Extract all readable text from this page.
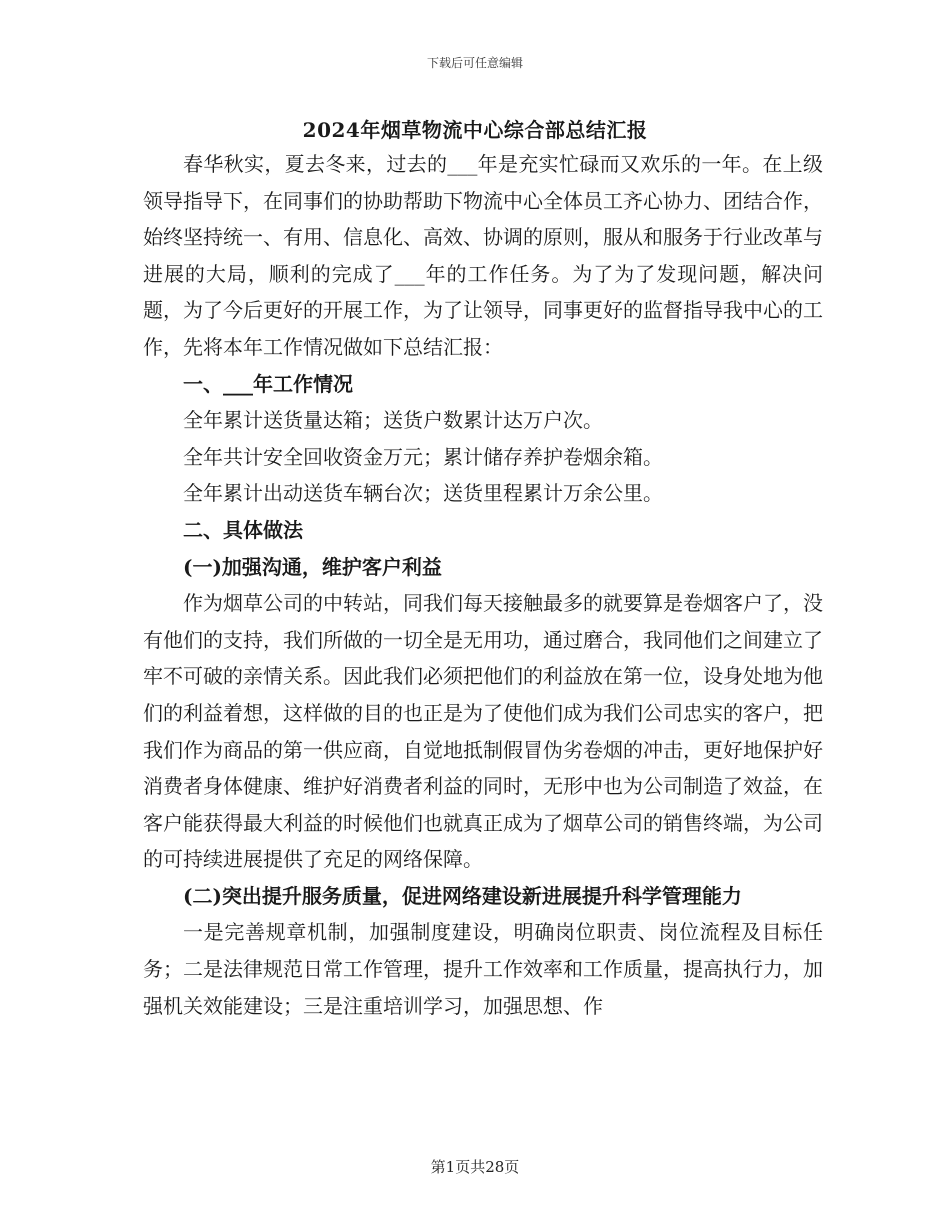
下载后可任意编辑
2024年烟草物流中心综合部总结汇报

春华秋实，夏去冬来，过去的___年是充实忙碌而又欢乐的一年。在上级领导指导下，在同事们的协助帮助下物流中心全体员工齐心协力、团结合作，始终坚持统一、有用、信息化、高效、协调的原则，服从和服务于行业改革与进展的大局，顺利的完成了___年的工作任务。为了为了发现问题，解决问题，为了今后更好的开展工作，为了让领导，同事更好的监督指导我中心的工作，先将本年工作情况做如下总结汇报：

一、___年工作情况

全年累计送货量达箱；送货户数累计达万户次。

全年共计安全回收资金万元；累计储存养护卷烟余箱。

全年累计出动送货车辆台次；送货里程累计万余公里。

二、具体做法

(一)加强沟通，维护客户利益

作为烟草公司的中转站，同我们每天接触最多的就要算是卷烟客户了，没有他们的支持，我们所做的一切全是无用功，通过磨合，我同他们之间建立了牢不可破的亲情关系。因此我们必须把他们的利益放在第一位，设身处地为他们的利益着想，这样做的目的也正是为了使他们成为我们公司忠实的客户，把我们作为商品的第一供应商，自觉地抵制假冒伪劣卷烟的冲击，更好地保护好消费者身体健康、维护好消费者利益的同时，无形中也为公司制造了效益，在客户能获得最大利益的时候他们也就真正成为了烟草公司的销售终端，为公司的可持续进展提供了充足的网络保障。

(二)突出提升服务质量，促进网络建设新进展提升科学管理能力

一是完善规章机制，加强制度建设，明确岗位职责、岗位流程及目标任务；二是法律规范日常工作管理，提升工作效率和工作质量，提高执行力，加强机关效能建设；三是注重培训学习，加强思想、作

第1页共28页
